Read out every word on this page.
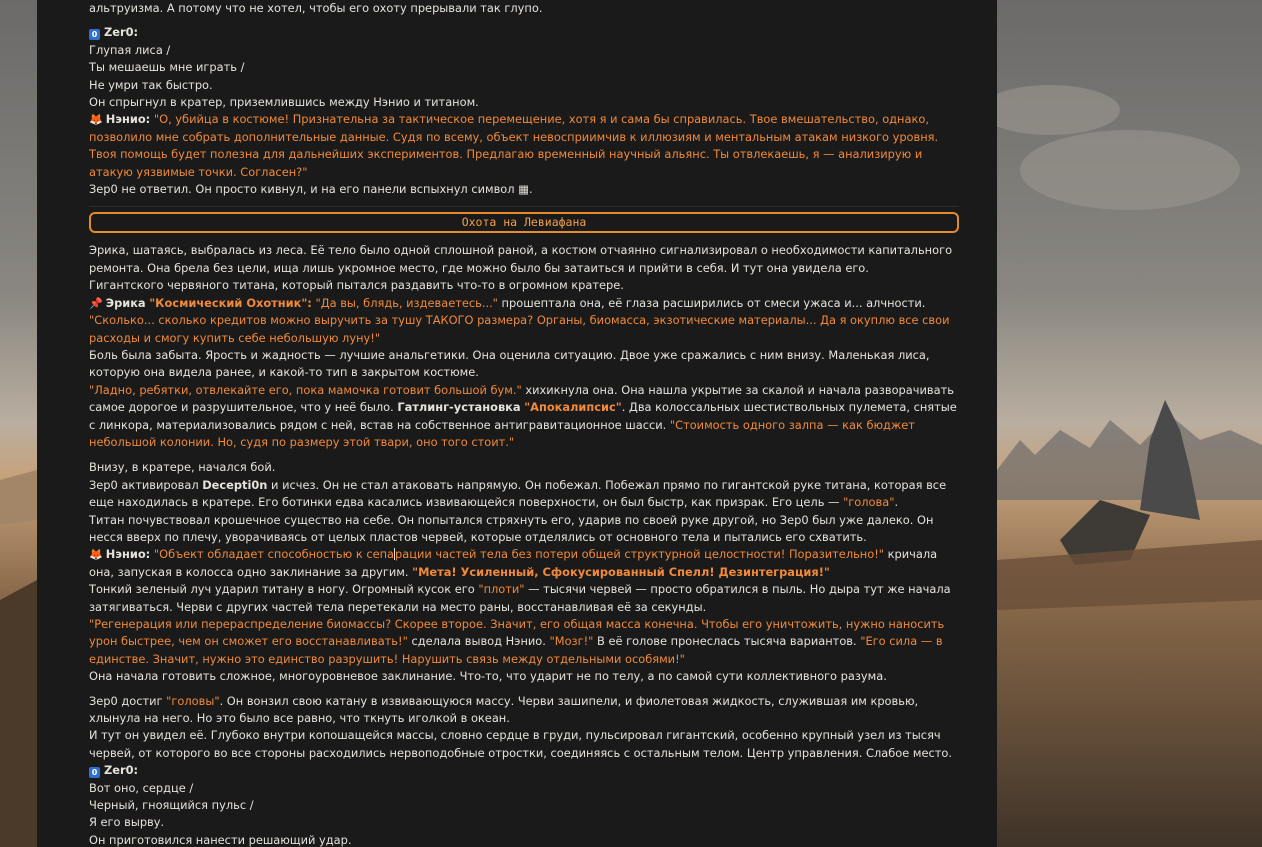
альтруизма. А потому что не хотел, чтобы его охоту прерывали так глупо.

0 Zer0:

Глупая лиса /

Ты мешаешь мне играть /

Не умри так быстро.

Он спрыгнул в кратер, приземлившись между Нэнио и титаном.

🦊 Нэнио: "О, убийца в костюме! Признательна за тактическое перемещение, хотя я и сама бы справилась. Твое вмешательство, однако, позволило мне собрать дополнительные данные. Судя по всему, объект невосприимчив к иллюзиям и ментальным атакам низкого уровня. Твоя помощь будет полезна для дальнейших экспериментов. Предлагаю временный научный альянс. Ты отвлекаешь, я — анализирую и атакую уязвимые точки. Согласен?"

Зер0 не ответил. Он просто кивнул, и на его панели вспыхнул символ ▦.

Охота на Левиафана

Эрика, шатаясь, выбралась из леса. Её тело было одной сплошной раной, а костюм отчаянно сигнализировал о необходимости капитального ремонта. Она брела без цели, ища лишь укромное место, где можно было бы затаиться и прийти в себя. И тут она увидела его.

Гигантского червяного титана, который пытался раздавить что-то в огромном кратере.

📌 Эрика "Космический Охотник": "Да вы, блядь, издеваетесь..." прошептала она, её глаза расширились от смеси ужаса и... алчности. "Сколько... сколько кредитов можно выручить за тушу ТАКОГО размера? Органы, биомасса, экзотические материалы... Да я окуплю все свои расходы и смогу купить себе небольшую луну!"

Боль была забыта. Ярость и жадность — лучшие анальгетики. Она оценила ситуацию. Двое уже сражались с ним внизу. Маленькая лиса, которую она видела ранее, и какой-то тип в закрытом костюме.

"Ладно, ребятки, отвлекайте его, пока мамочка готовит большой бум." хихикнула она. Она нашла укрытие за скалой и начала разворачивать самое дорогое и разрушительное, что у неё было. Гатлинг-установка "Апокалипсис". Два колоссальных шестиствольных пулемета, снятые с линкора, материализовались рядом с ней, встав на собственное антигравитационное шасси. "Стоимость одного залпа — как бюджет небольшой колонии. Но, судя по размеру этой твари, оно того стоит."

Внизу, в кратере, начался бой.

Зер0 активировал Decepti0n и исчез. Он не стал атаковать напрямую. Он побежал. Побежал прямо по гигантской руке титана, которая все еще находилась в кратере. Его ботинки едва касались извивающейся поверхности, он был быстр, как призрак. Его цель — "голова".

Титан почувствовал крошечное существо на себе. Он попытался стряхнуть его, ударив по своей руке другой, но Зер0 был уже далеко. Он несся вверх по плечу, уворачиваясь от целых пластов червей, которые отделялись от основного тела и пытались его схватить.

🦊 Нэнио: "Объект обладает способностью к сепарации частей тела без потери общей структурной целостности! Поразительно!" кричала она, запуская в колосса одно заклинание за другим. "Мета! Усиленный, Сфокусированный Спелл! Дезинтеграция!"

Тонкий зеленый луч ударил титану в ногу. Огромный кусок его "плоти" — тысячи червей — просто обратился в пыль. Но дыра тут же начала затягиваться. Черви с других частей тела перетекали на место раны, восстанавливая её за секунды.

"Регенерация или перераспределение биомассы? Скорее второе. Значит, его общая масса конечна. Чтобы его уничтожить, нужно наносить урон быстрее, чем он сможет его восстанавливать!" сделала вывод Нэнио. "Мозг!" В её голове пронеслась тысяча вариантов. "Его сила — в единстве. Значит, нужно это единство разрушить! Нарушить связь между отдельными особями!"

Она начала готовить сложное, многоуровневое заклинание. Что-то, что ударит не по телу, а по самой сути коллективного разума.

Зер0 достиг "головы". Он вонзил свою катану в извивающуюся массу. Черви зашипели, и фиолетовая жидкость, служившая им кровью, хлынула на него. Но это было все равно, что ткнуть иголкой в океан.

И тут он увидел её. Глубоко внутри копошащейся массы, словно сердце в груди, пульсировал гигантский, особенно крупный узел из тысяч червей, от которого во все стороны расходились нервоподобные отростки, соединяясь с остальным телом. Центр управления. Слабое место.

0 Zer0:

Вот оно, сердце /

Черный, гноящийся пульс /

Я его вырву.

Он приготовился нанести решающий удар.
